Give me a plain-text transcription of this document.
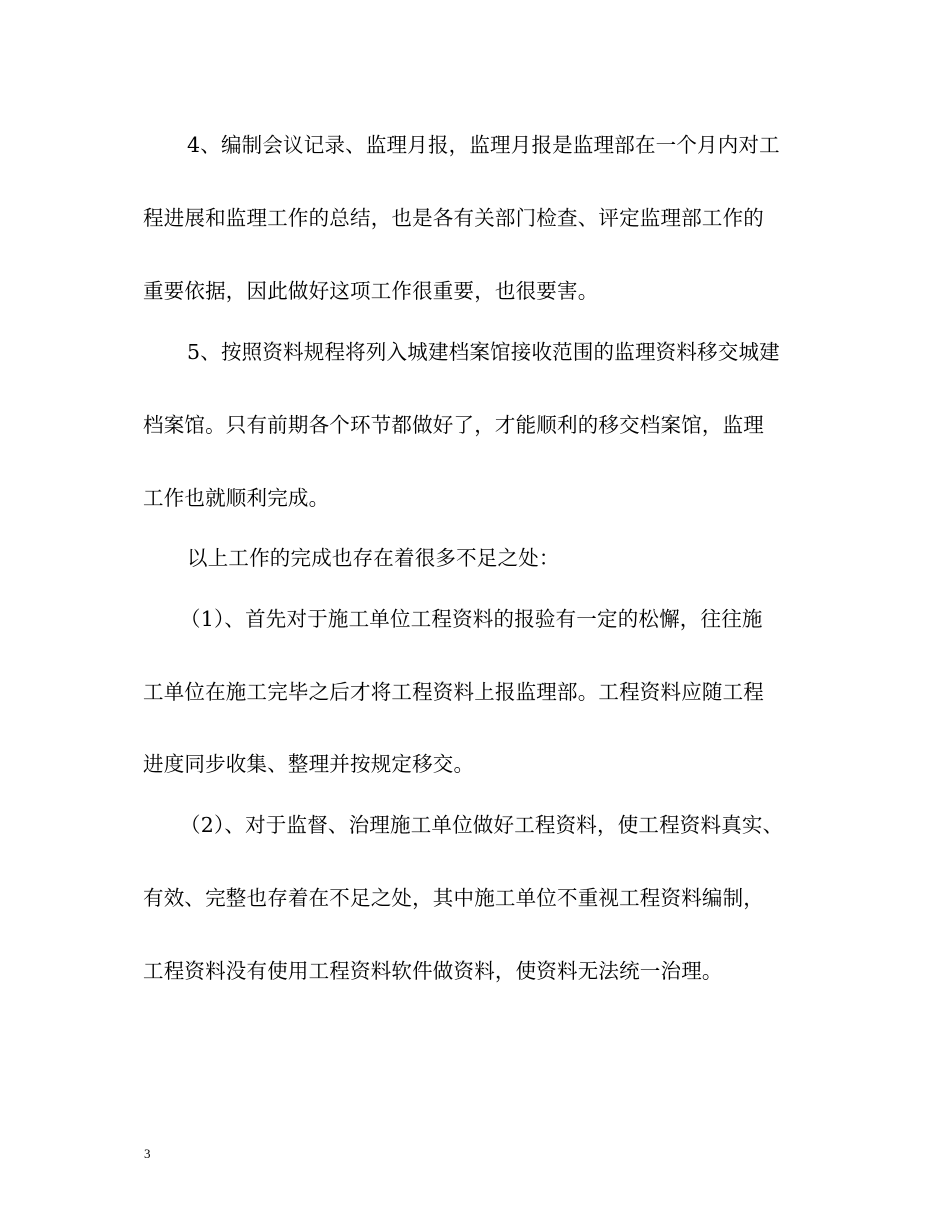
4、编制会议记录、监理月报，监理月报是监理部在一个月内对工
程进展和监理工作的总结，也是各有关部门检查、评定监理部工作的
重要依据，因此做好这项工作很重要，也很要害。
5、按照资料规程将列入城建档案馆接收范围的监理资料移交城建
档案馆。只有前期各个环节都做好了，才能顺利的移交档案馆，监理
工作也就顺利完成。
以上工作的完成也存在着很多不足之处：
（1）、首先对于施工单位工程资料的报验有一定的松懈，往往施
工单位在施工完毕之后才将工程资料上报监理部。工程资料应随工程
进度同步收集、整理并按规定移交。
（2）、对于监督、治理施工单位做好工程资料，使工程资料真实、
有效、完整也存着在不足之处，其中施工单位不重视工程资料编制，
工程资料没有使用工程资料软件做资料，使资料无法统一治理。
3
